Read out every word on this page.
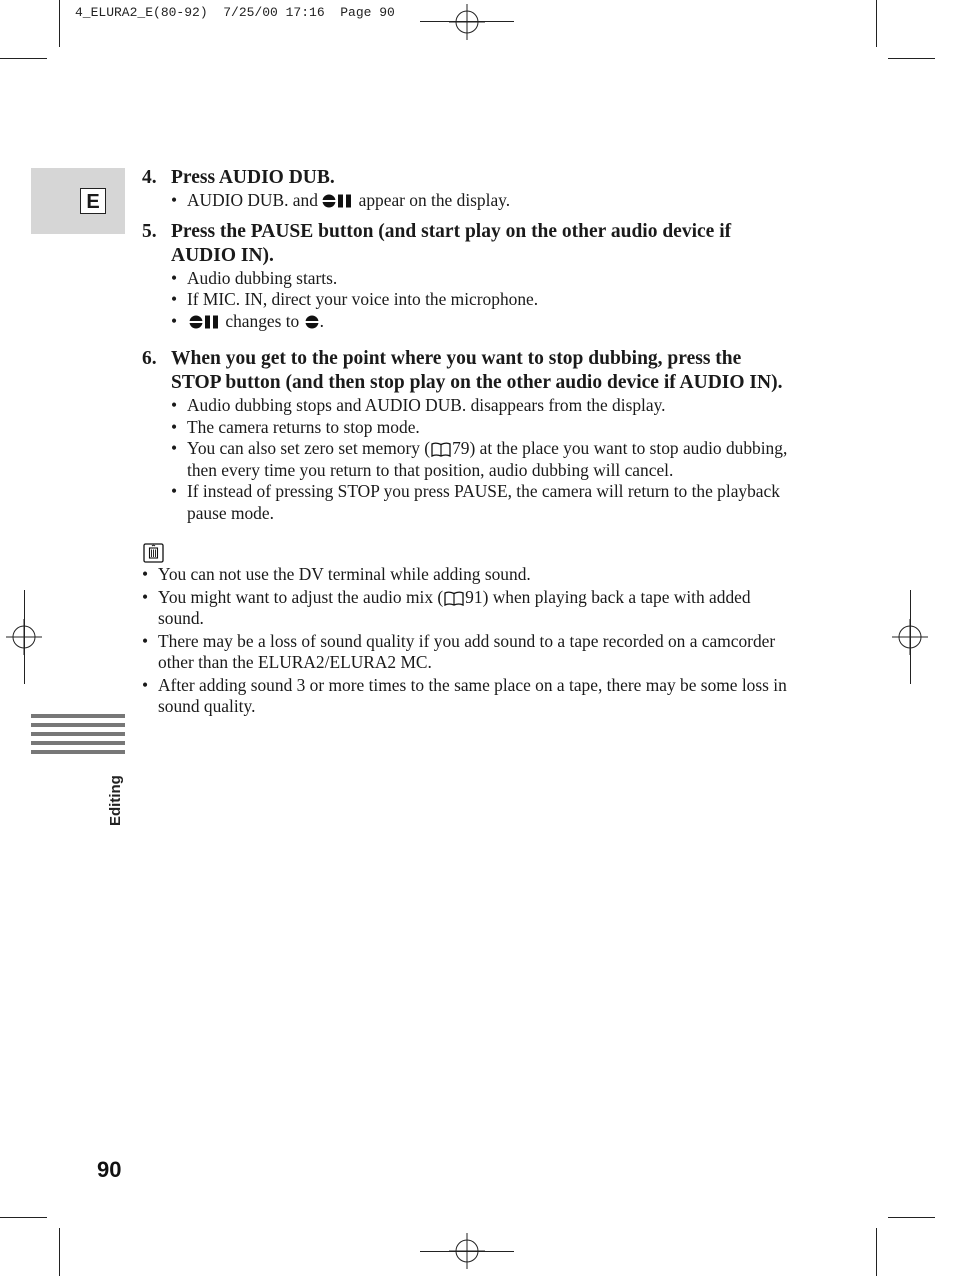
4_ELURA2_E(80-92)  7/25/00 17:16  Page 90
E
Editing
4. Press AUDIO DUB.
• AUDIO DUB. and  appear on the display.
5. Press the PAUSE button (and start play on the other audio device if AUDIO IN).
• Audio dubbing starts.
• If MIC. IN, direct your voice into the microphone.
• changes to .
6. When you get to the point where you want to stop dubbing, press the STOP button (and then stop play on the other audio device if AUDIO IN).
• Audio dubbing stops and AUDIO DUB. disappears from the display.
• The camera returns to stop mode.
• You can also set zero set memory ( 79) at the place you want to stop audio dubbing, then every time you return to that position, audio dubbing will cancel.
• If instead of pressing STOP you press PAUSE, the camera will return to the playback pause mode.
• You can not use the DV terminal while adding sound.
• You might want to adjust the audio mix ( 91) when playing back a tape with added sound.
• There may be a loss of sound quality if you add sound to a tape recorded on a camcorder other than the ELURA2/ELURA2 MC.
• After adding sound 3 or more times to the same place on a tape, there may be some loss in sound quality.
90
